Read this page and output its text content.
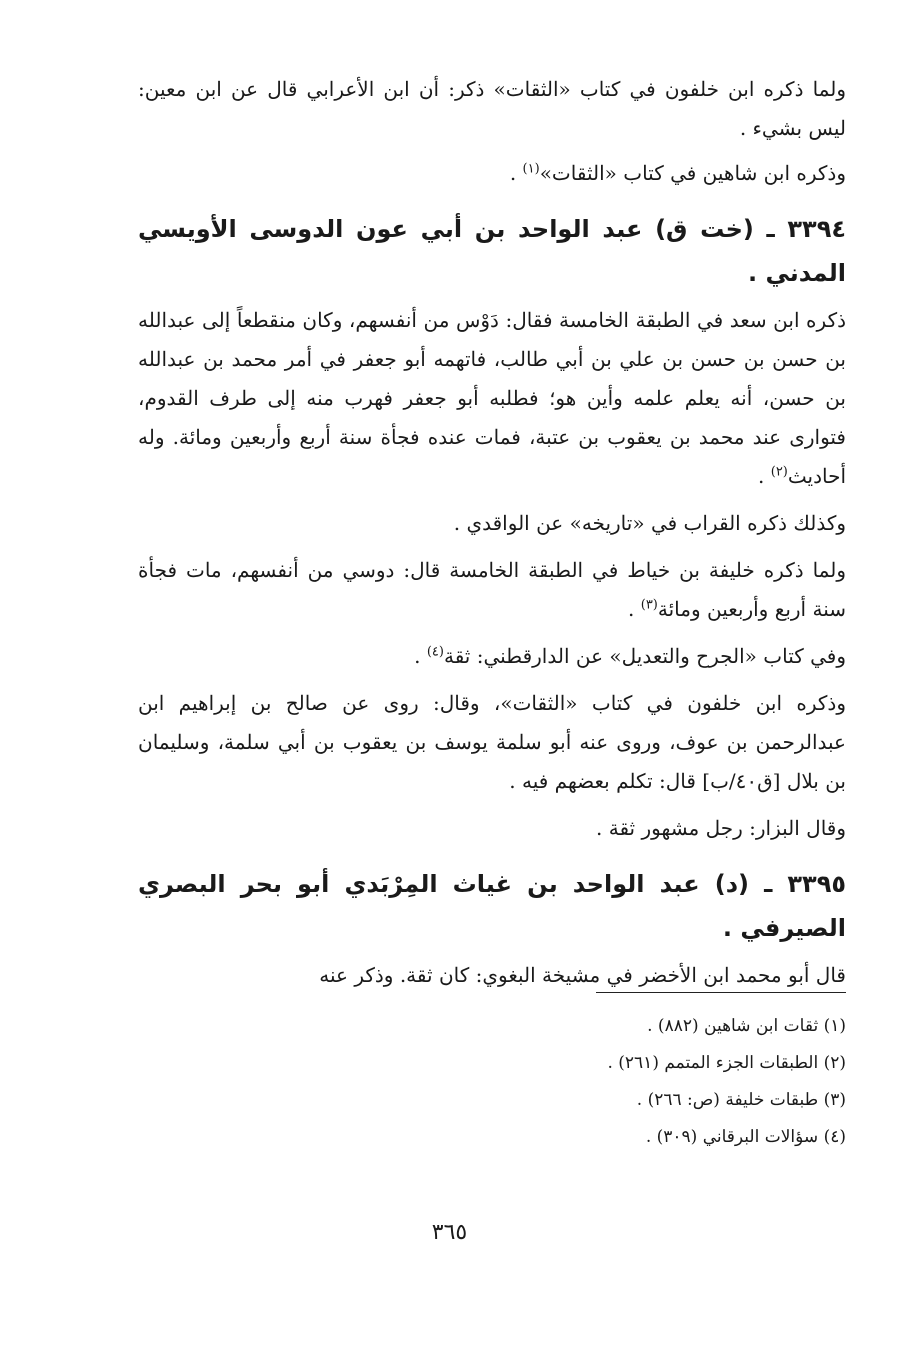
ولما ذكره ابن خلفون في كتاب «الثقات» ذكر: أن ابن الأعرابي قال عن ابن معين: ليس بشيء .

وذكره ابن شاهين في كتاب «الثقات»$^{(١)}$ .

٣٣٩٤ ـ (خت ق) عبد الواحد بن أبي عون الدوسى الأويسي المدني .

ذكره ابن سعد في الطبقة الخامسة فقال: دَوْس من أنفسهم، وكان منقطعاً إلى عبدالله بن حسن بن حسن بن علي بن أبي طالب، فاتهمه أبو جعفر في أمر محمد بن عبدالله بن حسن، أنه يعلم علمه وأين هو؛ فطلبه أبو جعفر فهرب منه إلى طرف القدوم، فتوارى عند محمد بن يعقوب بن عتبة، فمات عنده فجأة سنة أربع وأربعين ومائة. وله أحاديث$^{(٢)}$ .

وكذلك ذكره القراب في «تاريخه» عن الواقدي .

ولما ذكره خليفة بن خياط في الطبقة الخامسة قال: دوسي من أنفسهم، مات فجأة سنة أربع وأربعين ومائة$^{(٣)}$ .

وفي كتاب «الجرح والتعديل» عن الدارقطني: ثقة$^{(٤)}$ .

وذكره ابن خلفون في كتاب «الثقات»، وقال: روى عن صالح بن إبراهيم ابن عبدالرحمن بن عوف، وروى عنه أبو سلمة يوسف بن يعقوب بن أبي سلمة، وسليمان بن بلال [ق٤٠/ب] قال: تكلم بعضهم فيه .

وقال البزار: رجل مشهور ثقة .

٣٣٩٥ ـ (د) عبد الواحد بن غياث المِرْبَدي أبو بحر البصري الصيرفي .

قال أبو محمد ابن الأخضر في مشيخة البغوي: كان ثقة. وذكر عنه

(١) ثقات ابن شاهين (٨٨٢) .

(٢) الطبقات الجزء المتمم (٢٦١) .

(٣) طبقات خليفة (ص: ٢٦٦) .

(٤) سؤالات البرقاني (٣٠٩) .

٣٦٥
